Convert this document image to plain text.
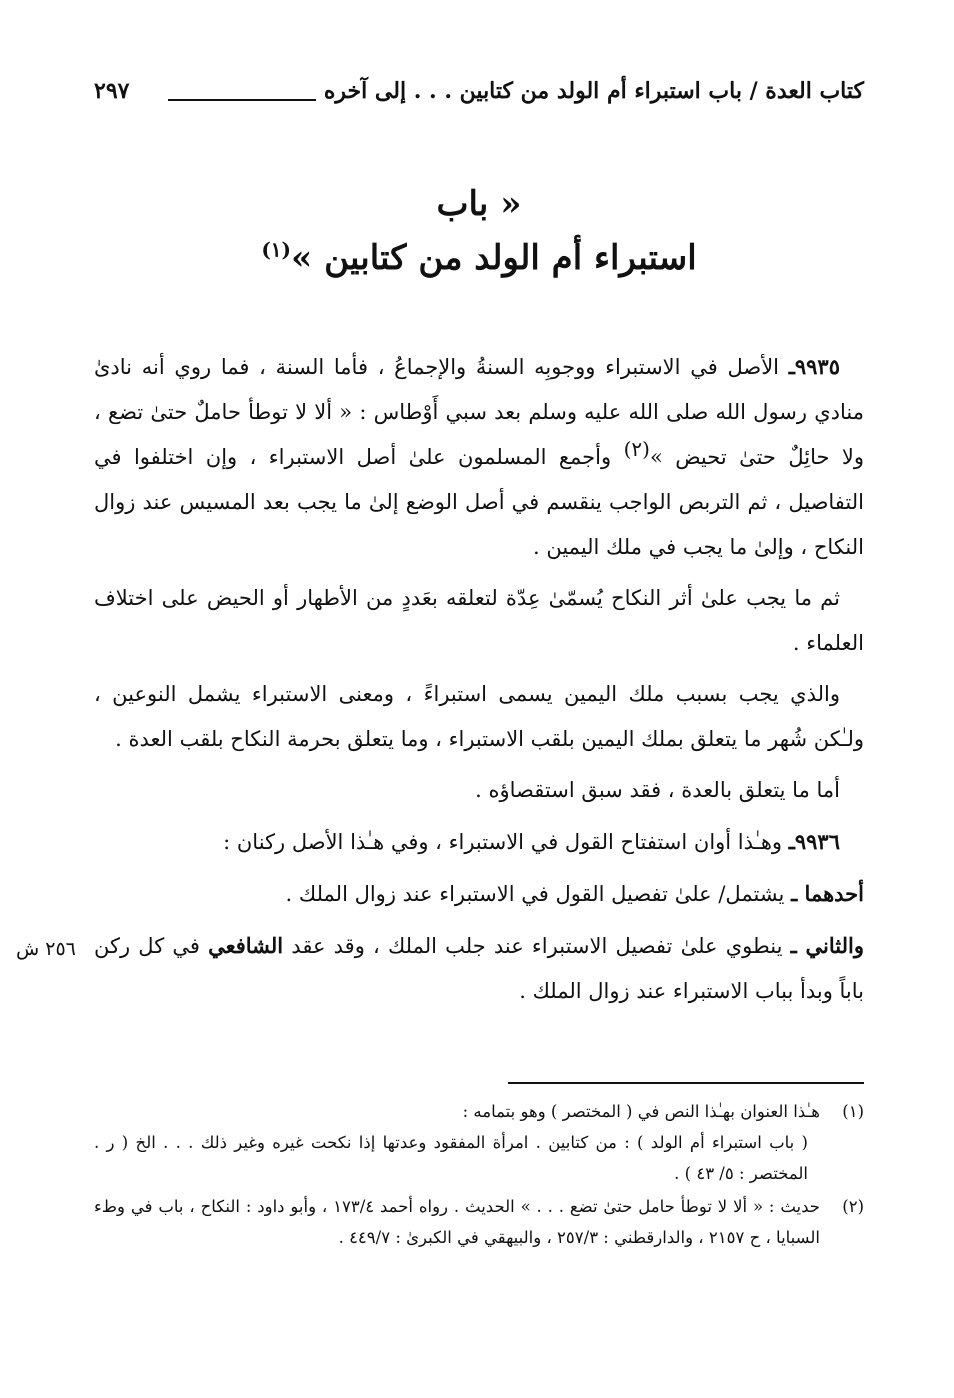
كتاب العدة / باب استبراء أم الولد من كتابين . . . إلى آخره
٢٩٧
« باب
استبراء أم الولد من كتابين »$^{(١)}$

٩٩٣٥ـ الأصل في الاستبراء ووجوبِه السنةُ والإجماعُ ، فأما السنة ، فما روي أنه نادىٰ منادي رسول الله صلى الله عليه وسلم بعد سبي أَوْطاس : « ألا لا توطأ حاملٌ حتىٰ تضع ، ولا حائِلٌ حتىٰ تحيض »(٢) وأجمع المسلمون علىٰ أصل الاستبراء ، وإن اختلفوا في التفاصيل ، ثم التربص الواجب ينقسم في أصل الوضع إلىٰ ما يجب بعد المسيس عند زوال النكاح ، وإلىٰ ما يجب في ملك اليمين .

ثم ما يجب علىٰ أثر النكاح يُسمّىٰ عِدّة لتعلقه بعَددٍ من الأطهار أو الحيض على اختلاف العلماء .

والذي يجب بسبب ملك اليمين يسمى استبراءً ، ومعنى الاستبراء يشمل النوعين ، ولـٰكن شُهر ما يتعلق بملك اليمين بلقب الاستبراء ، وما يتعلق بحرمة النكاح بلقب العدة .

أما ما يتعلق بالعدة ، فقد سبق استقصاؤه .

٩٩٣٦ـ وهـٰذا أوان استفتاح القول في الاستبراء ، وفي هـٰذا الأصل ركنان :

أحدهما ـ يشتمل/ علىٰ تفصيل القول في الاستبراء عند زوال الملك .

والثاني ـ ينطوي علىٰ تفصيل الاستبراء عند جلب الملك ، وقد عقد الشافعي في كل ركن باباً وبدأ بباب الاستبراء عند زوال الملك .

٢٥٦ ش
(١)
هـٰذا العنوان بهـٰذا النص في ( المختصر ) وهو بتمامه :
( باب استبراء أم الولد ) : من كتابين . امرأة المفقود وعدتها إذا نكحت غيره وغير ذلك . . . الخ ( ر . المختصر : ٥/ ٤٣ ) .
(٢)
حديث : « ألا لا توطأ حامل حتىٰ تضع . . . » الحديث . رواه أحمد ١٧٣/٤ ، وأبو داود : النكاح ، باب في وطء السبايا ، ح ٢١٥٧ ، والدارقطني : ٢٥٧/٣ ، والبيهقي في الكبرىٰ : ٤٤٩/٧ .
